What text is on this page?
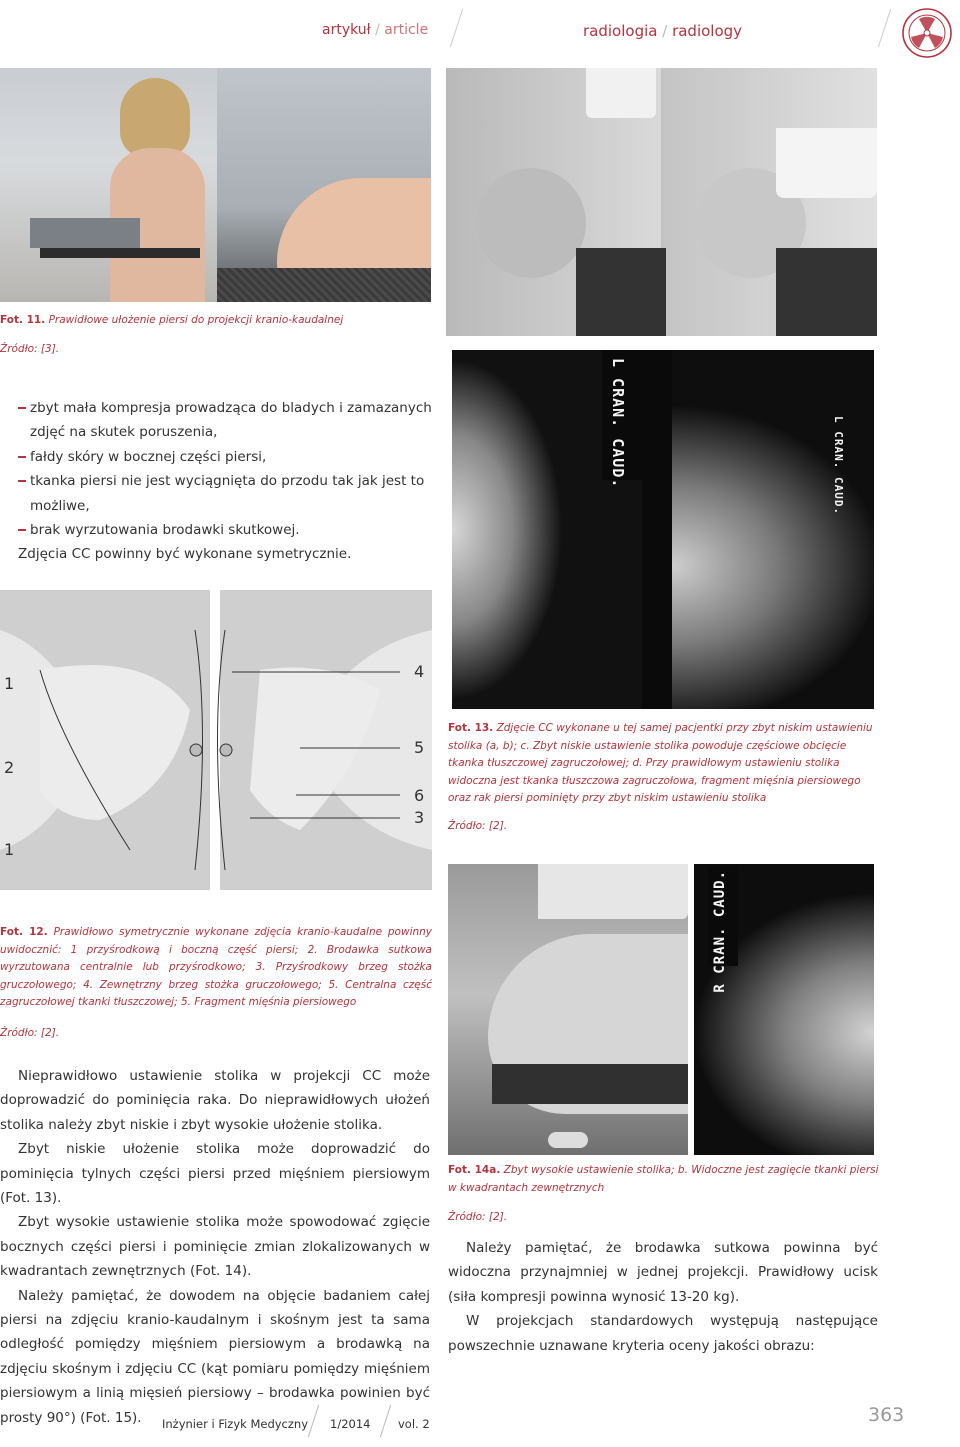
artykuł / article	radiologia / radiology
Fot. 11. Prawidłowe ułożenie piersi do projekcji kranio-kaudalnej
Źródło: [3].
zbyt mała kompresja prowadząca do bladych i zamazanych zdjęć na skutek poruszenia,
fałdy skóry w bocznej części piersi,
tkanka piersi nie jest wyciągnięta do przodu tak jak jest to możliwe,
brak wyrzutowania brodawki skutkowej.
Zdjęcia CC powinny być wykonane symetrycznie.
L CRAN. CAUD.	L CRAN. CAUD.
Fot. 13. Zdjęcie CC wykonane u tej samej pacjentki przy zbyt niskim ustawieniu stolika (a, b); c. Zbyt niskie ustawienie stolika powoduje częściowe obcięcie tkanka tłuszczowej zagruczołowej; d. Przy prawidłowym ustawieniu stolika widoczna jest tkanka tłuszczowa zagruczołowa, fragment mięśnia piersiowego oraz rak piersi pominięty przy zbyt niskim ustawieniu stolika
Źródło: [2].
1
2
1
4
5
6
3
Fot. 12. Prawidłowo symetrycznie wykonane zdjęcia kranio-kaudalne powinny uwidocznić: 1 przyśrodkową i boczną część piersi; 2. Brodawka sutkowa wyrzutowana centralnie lub przyśrodkowo; 3. Przyśrodkowy brzeg stożka gruczołowego; 4. Zewnętrzny brzeg stożka gruczołowego; 5. Centralna część zagruczołowej tkanki tłuszczowej; 5. Fragment mięśnia piersiowego
Źródło: [2].
R CRAN. CAUD.
Fot. 14a. Zbyt wysokie ustawienie stolika; b. Widoczne jest zagięcie tkanki piersi w kwadrantach zewnętrznych
Źródło: [2].

Nieprawidłowo ustawienie stolika w projekcji CC może doprowadzić do pominięcia raka. Do nieprawidłowych ułożeń stolika należy zbyt niskie i zbyt wysokie ułożenie stolika.

Zbyt niskie ułożenie stolika może doprowadzić do pominięcia tylnych części piersi przed mięśniem piersiowym (Fot. 13).

Zbyt wysokie ustawienie stolika może spowodować zgięcie bocznych części piersi i pominięcie zmian zlokalizowanych w kwadrantach zewnętrznych (Fot. 14).

Należy pamiętać, że dowodem na objęcie badaniem całej piersi na zdjęciu kranio-kaudalnym i skośnym jest ta sama odległość pomiędzy mięśniem piersiowym a brodawką na zdjęciu skośnym i zdjęciu CC (kąt pomiaru pomiędzy mięśniem piersiowym a linią mięsień piersiowy – brodawka powinien być prosty 90°) (Fot. 15).

Należy pamiętać, że brodawka sutkowa powinna być widoczna przynajmniej w jednej projekcji. Prawidłowy ucisk (siła kompresji powinna wynosić 13-20 kg).

W projekcjach standardowych występują następujące powszechnie uznawane kryteria oceny jakości obrazu:

Inżynier i Fizyk Medyczny 1/2014 vol. 2	363
